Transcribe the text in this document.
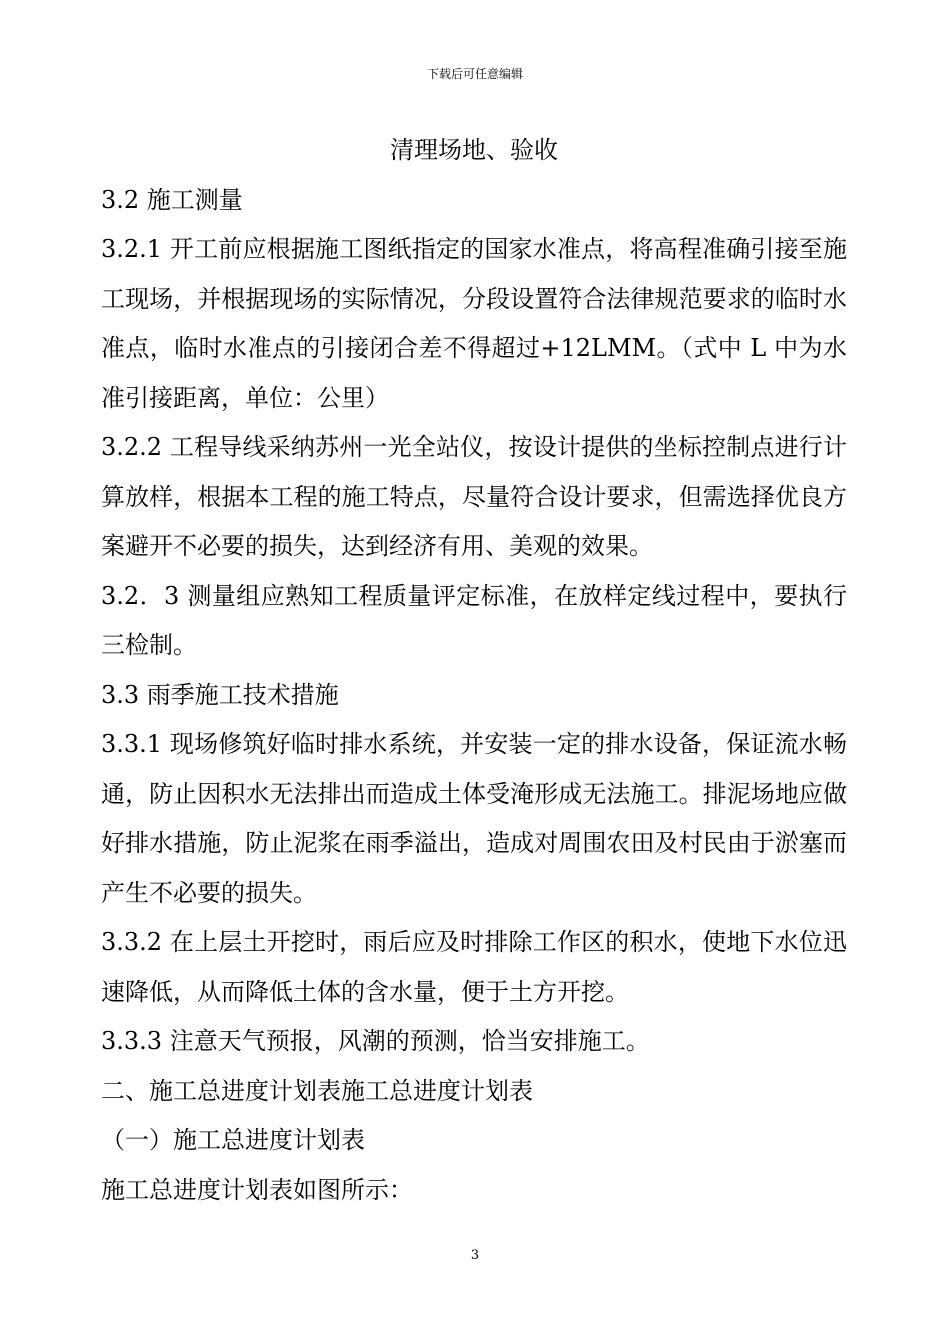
下载后可任意编辑

清理场地、验收

3.2 施工测量

3.2.1 开工前应根据施工图纸指定的国家水准点，将高程准确引接至施工现场，并根据现场的实际情况，分段设置符合法律规范要求的临时水准点，临时水准点的引接闭合差不得超过+12LMM。（式中 L 中为水准引接距离，单位：公里）

3.2.2 工程导线采纳苏州一光全站仪，按设计提供的坐标控制点进行计算放样，根据本工程的施工特点，尽量符合设计要求，但需选择优良方案避开不必要的损失，达到经济有用、美观的效果。

3.2．3 测量组应熟知工程质量评定标准，在放样定线过程中，要执行三检制。

3.3 雨季施工技术措施

3.3.1 现场修筑好临时排水系统，并安装一定的排水设备，保证流水畅通，防止因积水无法排出而造成土体受淹形成无法施工。排泥场地应做好排水措施，防止泥浆在雨季溢出，造成对周围农田及村民由于淤塞而产生不必要的损失。

3.3.2 在上层土开挖时，雨后应及时排除工作区的积水，使地下水位迅速降低，从而降低土体的含水量，便于土方开挖。

3.3.3 注意天气预报，风潮的预测，恰当安排施工。

二、施工总进度计划表施工总进度计划表

（一）施工总进度计划表

施工总进度计划表如图所示：

3
